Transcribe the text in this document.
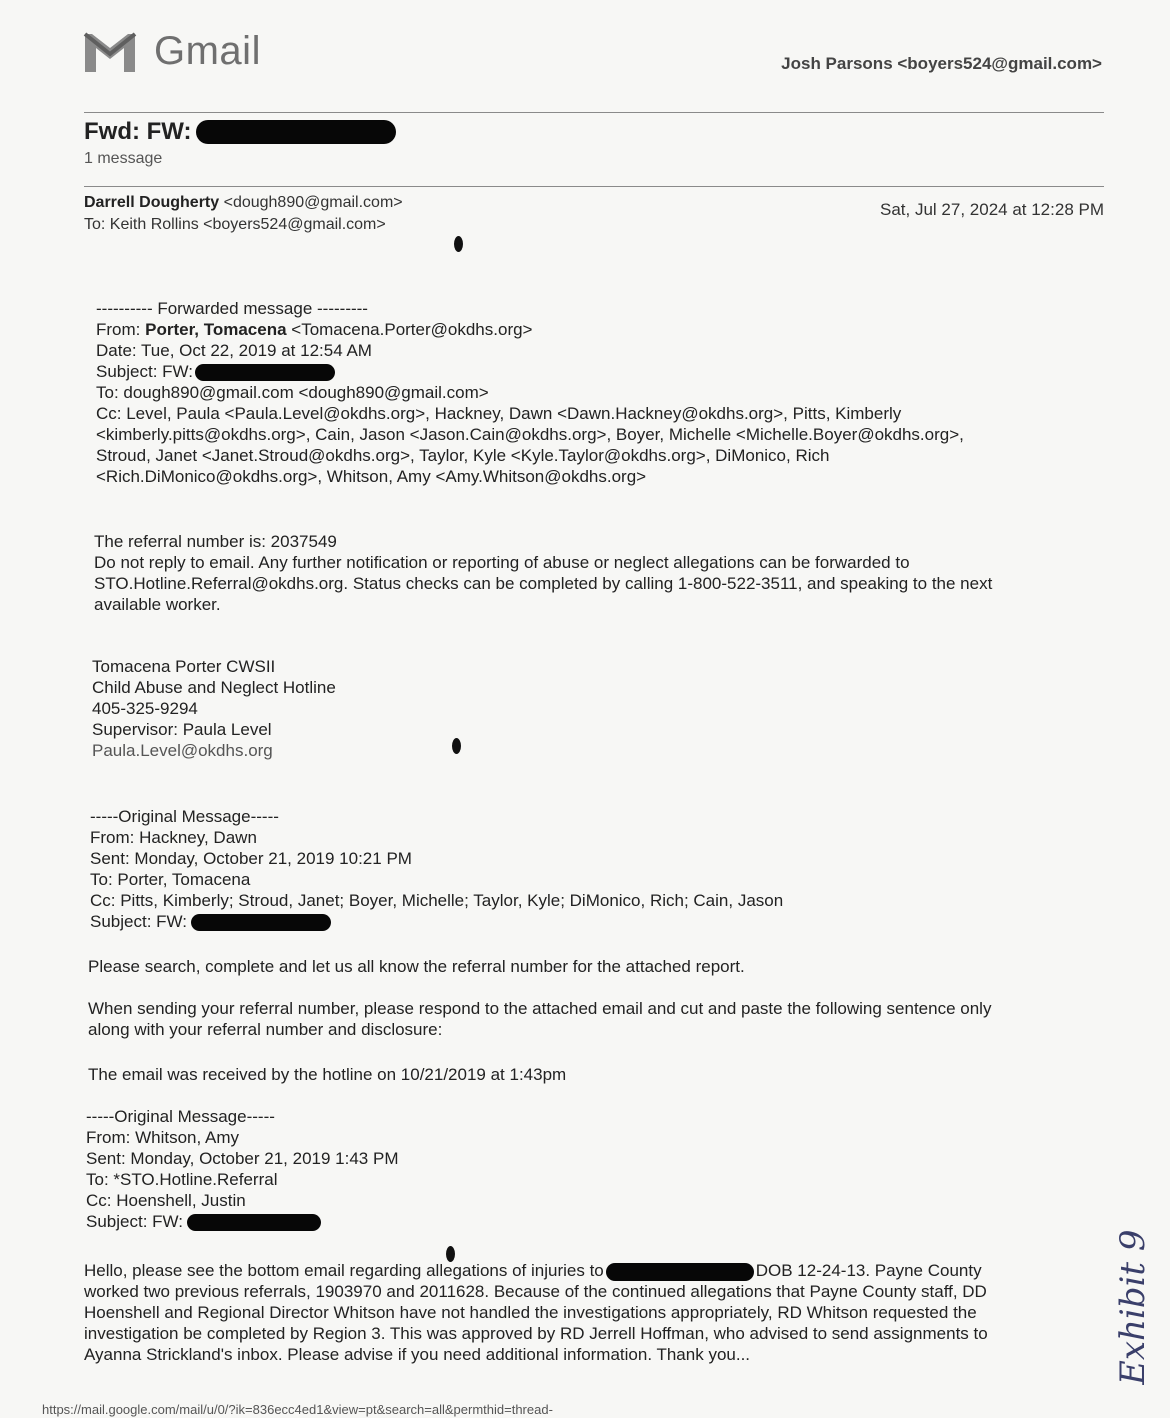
Gmail	Josh Parsons <boyers524@gmail.com>
Fwd: FW:
1 message
Darrell Dougherty <dough890@gmail.com>
To: Keith Rollins <boyers524@gmail.com>
Sat, Jul 27, 2024 at 12:28 PM

---------- Forwarded message ---------

From: Porter, Tomacena <Tomacena.Porter@okdhs.org>

Date: Tue, Oct 22, 2019 at 12:54 AM

Subject: FW:

To: dough890@gmail.com <dough890@gmail.com>

Cc: Level, Paula <Paula.Level@okdhs.org>, Hackney, Dawn <Dawn.Hackney@okdhs.org>, Pitts, Kimberly

<kimberly.pitts@okdhs.org>, Cain, Jason <Jason.Cain@okdhs.org>, Boyer, Michelle <Michelle.Boyer@okdhs.org>,

Stroud, Janet <Janet.Stroud@okdhs.org>, Taylor, Kyle <Kyle.Taylor@okdhs.org>, DiMonico, Rich

<Rich.DiMonico@okdhs.org>, Whitson, Amy <Amy.Whitson@okdhs.org>

The referral number is: 2037549

Do not reply to email. Any further notification or reporting of abuse or neglect allegations can be forwarded to

STO.Hotline.Referral@okdhs.org. Status checks can be completed by calling 1-800-522-3511, and speaking to the next

available worker.

Tomacena Porter CWSII

Child Abuse and Neglect Hotline

405-325-9294

Supervisor: Paula Level

Paula.Level@okdhs.org

-----Original Message-----

From: Hackney, Dawn

Sent: Monday, October 21, 2019 10:21 PM

To: Porter, Tomacena

Cc: Pitts, Kimberly; Stroud, Janet; Boyer, Michelle; Taylor, Kyle; DiMonico, Rich; Cain, Jason

Subject: FW:

Please search, complete and let us all know the referral number for the attached report.

When sending your referral number, please respond to the attached email and cut and paste the following sentence only

along with your referral number and disclosure:

The email was received by the hotline on 10/21/2019 at 1:43pm

-----Original Message-----

From: Whitson, Amy

Sent: Monday, October 21, 2019 1:43 PM

To: *STO.Hotline.Referral

Cc: Hoenshell, Justin

Subject: FW:

Hello, please see the bottom email regarding allegations of injuries to	DOB 12-24-13. Payne County

worked two previous referrals, 1903970 and 2011628. Because of the continued allegations that Payne County staff, DD

Hoenshell and Regional Director Whitson have not handled the investigations appropriately, RD Whitson requested the

investigation be completed by Region 3. This was approved by RD Jerrell Hoffman, who advised to send assignments to

Ayanna Strickland's inbox. Please advise if you need additional information. Thank you...	Exhibit 9
https://mail.google.com/mail/u/0/?ik=836ecc4ed1&view=pt&search=all&permthid=thread-
